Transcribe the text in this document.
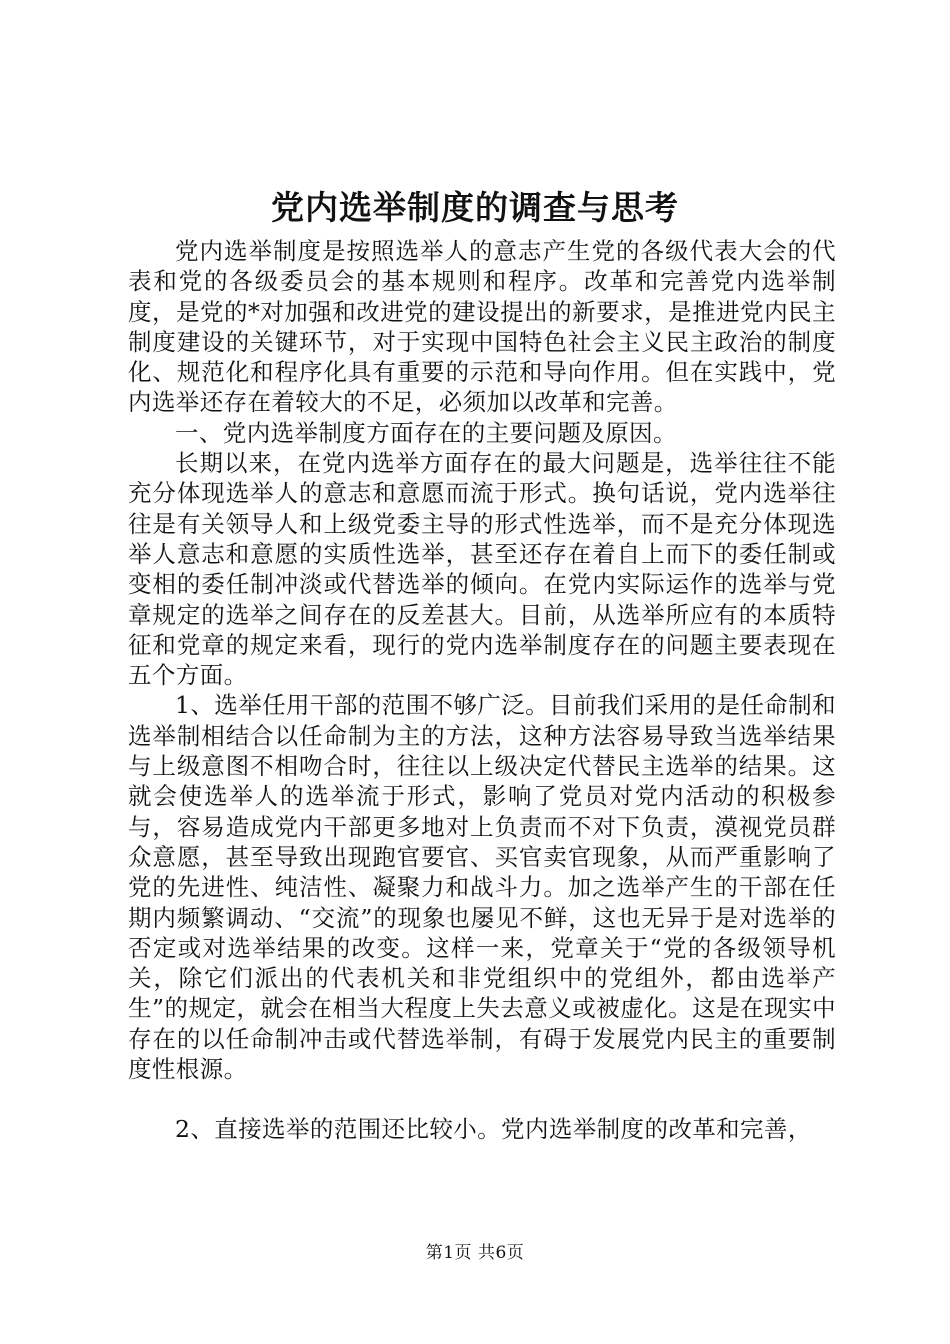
党内选举制度的调查与思考

党内选举制度是按照选举人的意志产生党的各级代表大会的代表和党的各级委员会的基本规则和程序。改革和完善党内选举制度，是党的*对加强和改进党的建设提出的新要求，是推进党内民主制度建设的关键环节，对于实现中国特色社会主义民主政治的制度化、规范化和程序化具有重要的示范和导向作用。但在实践中，党内选举还存在着较大的不足，必须加以改革和完善。

一、党内选举制度方面存在的主要问题及原因。

长期以来，在党内选举方面存在的最大问题是，选举往往不能充分体现选举人的意志和意愿而流于形式。换句话说，党内选举往往是有关领导人和上级党委主导的形式性选举，而不是充分体现选举人意志和意愿的实质性选举，甚至还存在着自上而下的委任制或变相的委任制冲淡或代替选举的倾向。在党内实际运作的选举与党章规定的选举之间存在的反差甚大。目前，从选举所应有的本质特征和党章的规定来看，现行的党内选举制度存在的问题主要表现在五个方面。

1、选举任用干部的范围不够广泛。目前我们采用的是任命制和选举制相结合以任命制为主的方法，这种方法容易导致当选举结果与上级意图不相吻合时，往往以上级决定代替民主选举的结果。这就会使选举人的选举流于形式，影响了党员对党内活动的积极参与，容易造成党内干部更多地对上负责而不对下负责，漠视党员群众意愿，甚至导致出现跑官要官、买官卖官现象，从而严重影响了党的先进性、纯洁性、凝聚力和战斗力。加之选举产生的干部在任期内频繁调动、“交流”的现象也屡见不鲜，这也无异于是对选举的否定或对选举结果的改变。这样一来，党章关于“党的各级领导机关，除它们派出的代表机关和非党组织中的党组外，都由选举产生”的规定，就会在相当大程度上失去意义或被虚化。这是在现实中存在的以任命制冲击或代替选举制，有碍于发展党内民主的重要制度性根源。

2、直接选举的范围还比较小。党内选举制度的改革和完善，

第1页 共6页
